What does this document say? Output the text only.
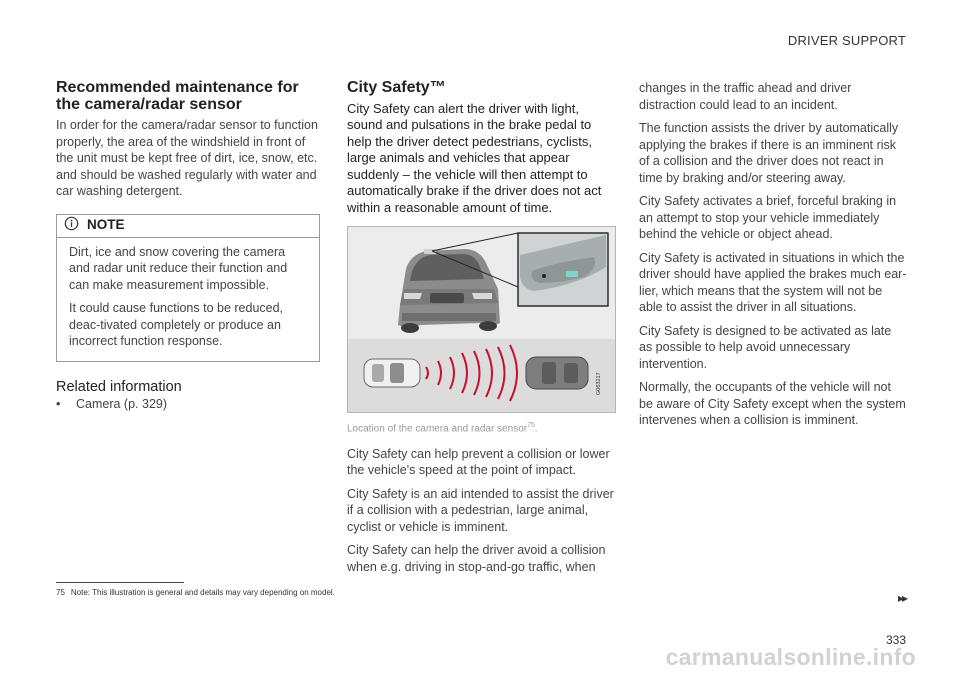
DRIVER SUPPORT
Recommended maintenance for the camera/radar sensor

In order for the camera/radar sensor to function properly, the area of the windshield in front of the unit must be kept free of dirt, ice, snow, etc. and should be washed regularly with water and car washing detergent.

NOTE

Dirt, ice and snow covering the camera and radar unit reduce their function and can make measurement impossible.

It could cause functions to be reduced, deac-tivated completely or produce an incorrect function response.

Related information
•	Camera (p. 329)
City Safety™

City Safety can alert the driver with light, sound and pulsations in the brake pedal to help the driver detect pedestrians, cyclists, large animals and vehicles that appear suddenly – the vehicle will then attempt to automatically brake if the driver does not act within a reasonable amount of time.

G063217
Location of the camera and radar sensor$^{75}$.

City Safety can help prevent a collision or lower the vehicle's speed at the point of impact.

City Safety is an aid intended to assist the driver if a collision with a pedestrian, large animal, cyclist or vehicle is imminent.

City Safety can help the driver avoid a collision when e.g. driving in stop-and-go traffic, when

changes in the traffic ahead and driver distraction could lead to an incident.

The function assists the driver by automatically applying the brakes if there is an imminent risk of a collision and the driver does not react in time by braking and/or steering away.

City Safety activates a brief, forceful braking in an attempt to stop your vehicle immediately behind the vehicle or object ahead.

City Safety is activated in situations in which the driver should have applied the brakes much ear-lier, which means that the system will not be able to assist the driver in all situations.

City Safety is designed to be activated as late as possible to help avoid unnecessary intervention.

Normally, the occupants of the vehicle will not be aware of City Safety except when the system intervenes when a collision is imminent.

75 Note: This illustration is general and details may vary depending on model.	▸▸
333
carmanualsonline.info
